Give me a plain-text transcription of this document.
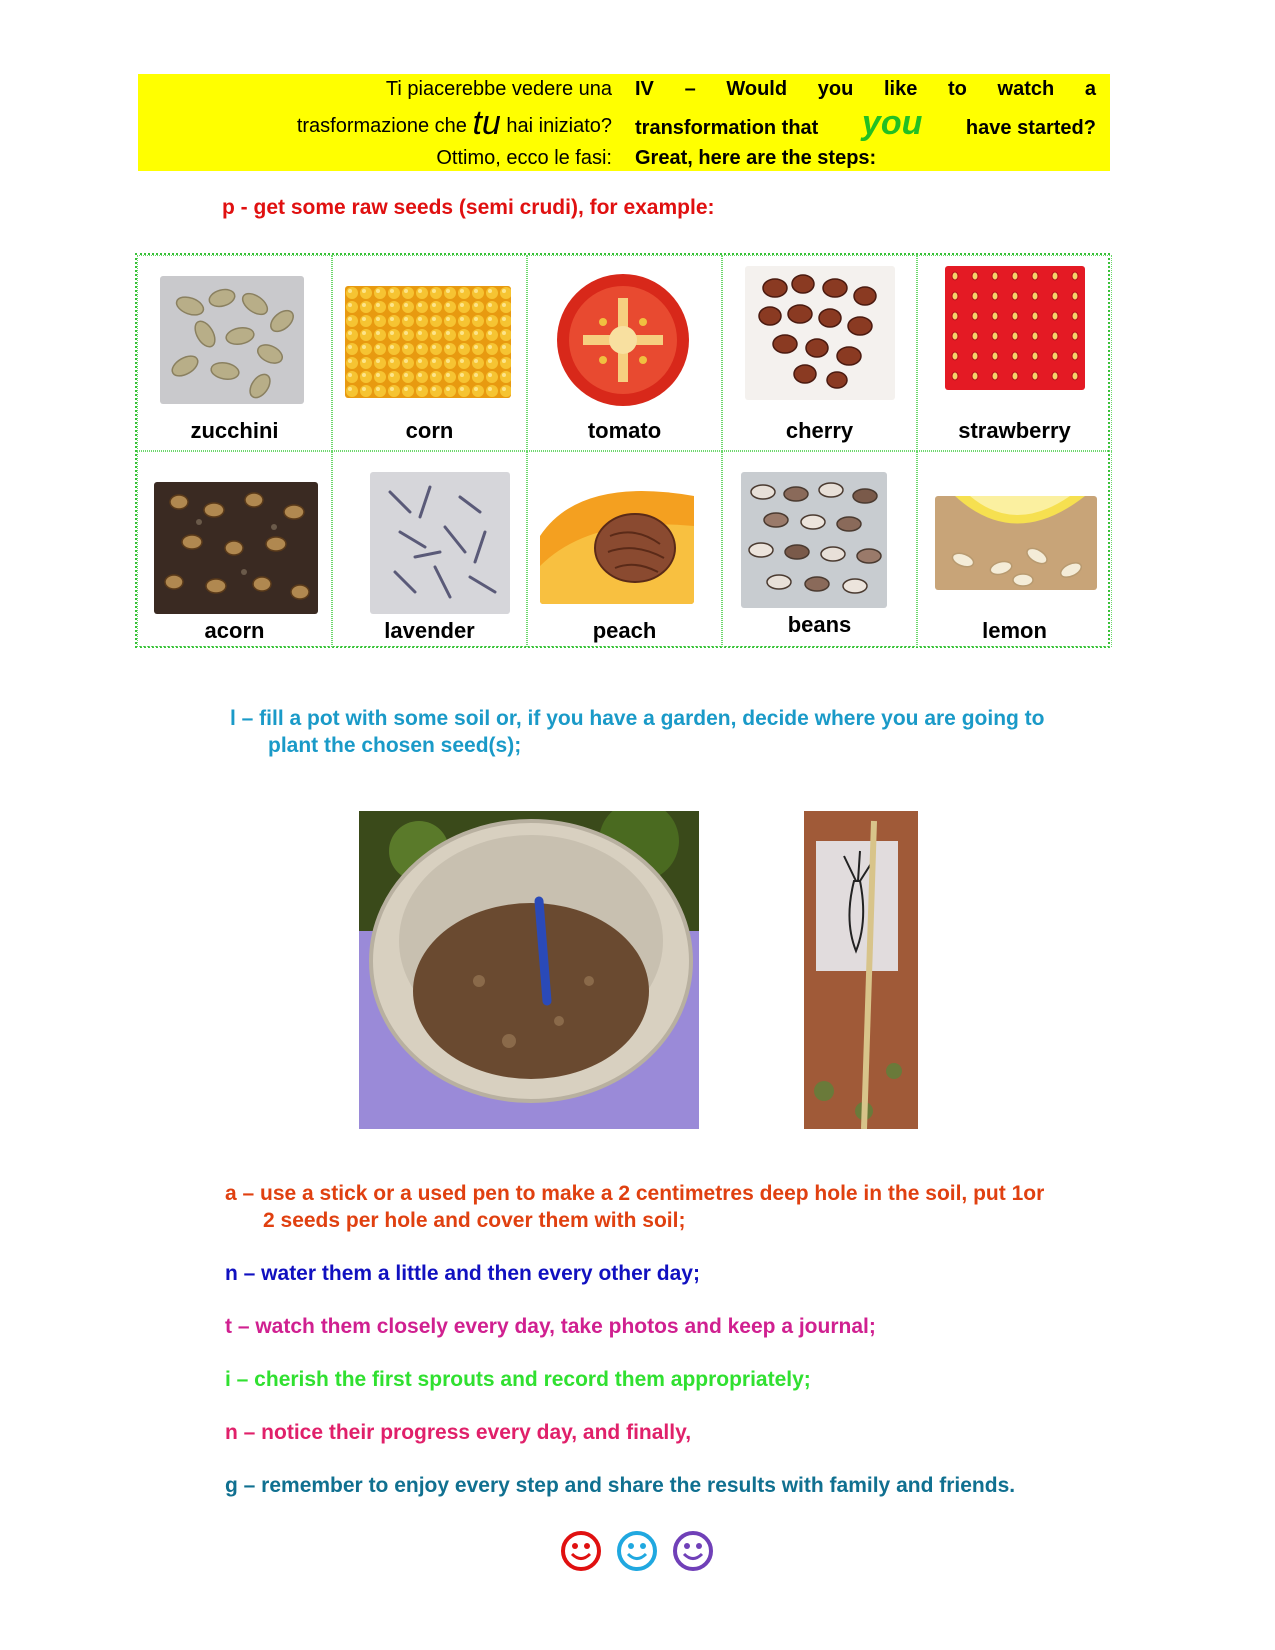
Ti piacerebbe vedere una
trasformazione che tu hai iniziato?
Ottimo, ecco le fasi:
IV – Would you like to watch a
transformation that you have started?
Great, here are the steps:
p - get some raw seeds (semi crudi), for example:
zucchini	corn	tomato	cherry	strawberry
acorn	lavender	peach	beans	lemon
l – fill a pot with some soil or, if you have a garden, decide where you are going to
plant the chosen seed(s);
a – use a stick or a used pen to make a 2 centimetres deep hole in the soil, put 1or
2 seeds per hole and cover them with soil;
n – water them a little and then every other day;
t – watch them closely every day, take photos and keep a journal;
i – cherish the first sprouts and record them appropriately;
n – notice their progress every day, and finally,
g – remember to enjoy every step and share the results with family and friends.
